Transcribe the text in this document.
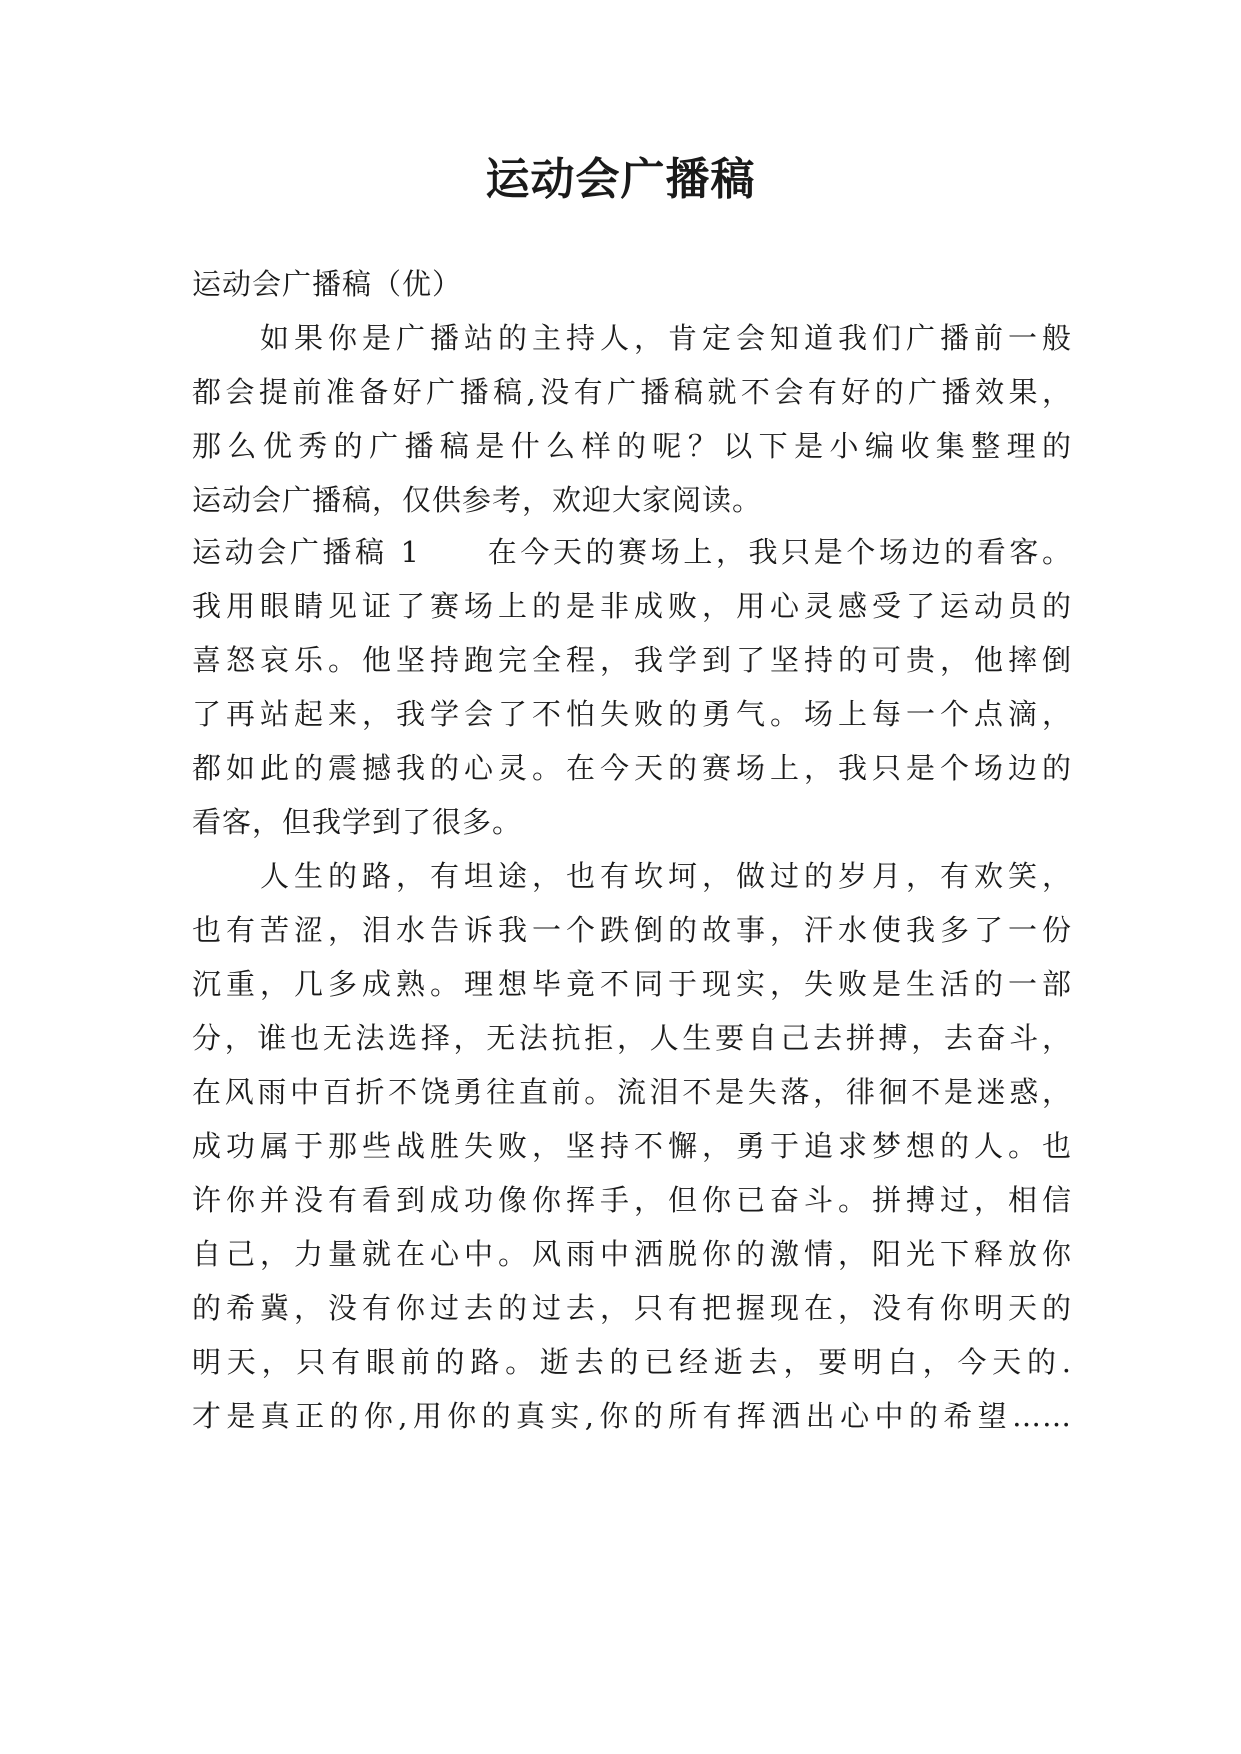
运动会广播稿

运动会广播稿（优）

　　如果你是广播站的主持人，肯定会知道我们广播前一般

都会提前准备好广播稿,没有广播稿就不会有好的广播效果，

那么优秀的广播稿是什么样的呢？以下是小编收集整理的

运动会广播稿，仅供参考，欢迎大家阅读。

运动会广播稿 1　　在今天的赛场上，我只是个场边的看客。

我用眼睛见证了赛场上的是非成败，用心灵感受了运动员的

喜怒哀乐。他坚持跑完全程，我学到了坚持的可贵，他摔倒

了再站起来，我学会了不怕失败的勇气。场上每一个点滴，

都如此的震撼我的心灵。在今天的赛场上，我只是个场边的

看客，但我学到了很多。

　　人生的路，有坦途，也有坎坷，做过的岁月，有欢笑，

也有苦涩，泪水告诉我一个跌倒的故事，汗水使我多了一份

沉重，几多成熟。理想毕竟不同于现实，失败是生活的一部

分，谁也无法选择，无法抗拒，人生要自己去拼搏，去奋斗，

在风雨中百折不饶勇往直前。流泪不是失落，徘徊不是迷惑，

成功属于那些战胜失败，坚持不懈，勇于追求梦想的人。也

许你并没有看到成功像你挥手，但你已奋斗。拼搏过，相信

自己，力量就在心中。风雨中洒脱你的激情，阳光下释放你

的希冀，没有你过去的过去，只有把握现在，没有你明天的

明天，只有眼前的路。逝去的已经逝去，要明白，今天的.

才是真正的你,用你的真实,你的所有挥洒出心中的希望……
